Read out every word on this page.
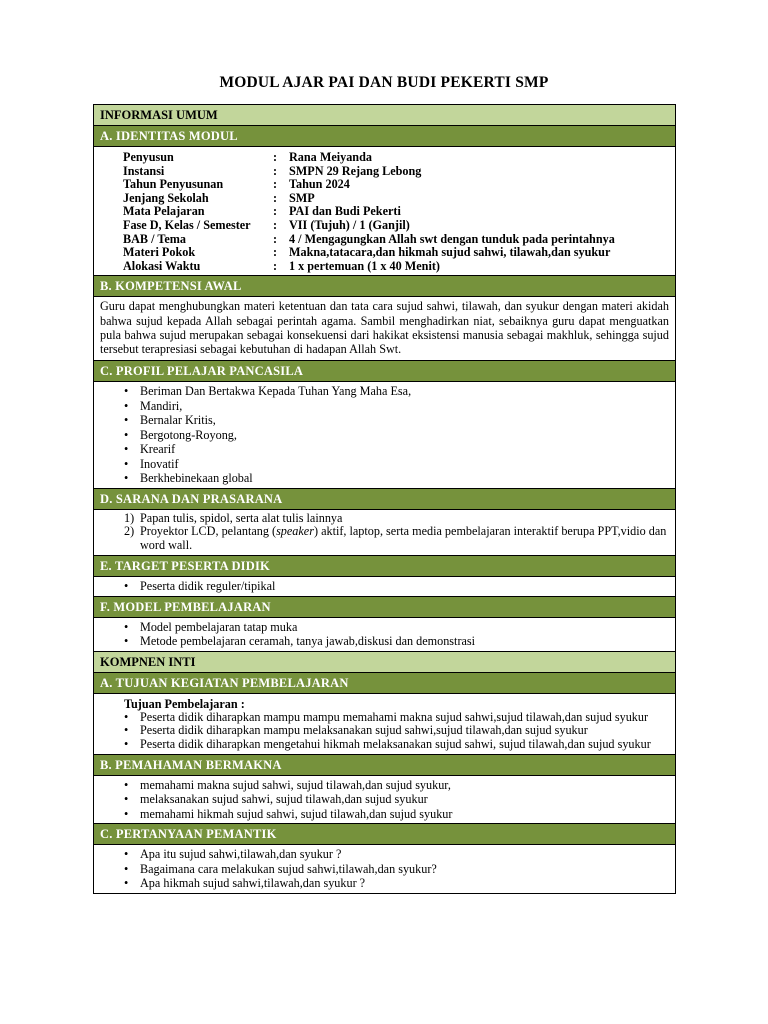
MODUL AJAR PAI DAN BUDI PEKERTI SMP
INFORMASI UMUM
A. IDENTITAS MODUL
Penyusun	: Rana Meiyanda
Instansi	: SMPN 29 Rejang Lebong
Tahun Penyusunan	: Tahun 2024
Jenjang Sekolah	: SMP
Mata Pelajaran	: PAI dan Budi Pekerti
Fase D, Kelas / Semester	: VII (Tujuh) / 1 (Ganjil)
BAB / Tema	: 4 / Mengagungkan Allah swt dengan tunduk pada perintahnya
Materi Pokok	: Makna,tatacara,dan hikmah sujud sahwi, tilawah,dan syukur
Alokasi Waktu	: 1 x pertemuan (1 x 40 Menit)
B. KOMPETENSI AWAL
Guru dapat menghubungkan materi ketentuan dan tata cara sujud sahwi, tilawah, dan syukur dengan materi akidah bahwa sujud kepada Allah sebagai perintah agama. Sambil menghadirkan niat, sebaiknya guru dapat menguatkan pula bahwa sujud merupakan sebagai konsekuensi dari hakikat eksistensi manusia sebagai makhluk, sehingga sujud tersebut terapresiasi sebagai kebutuhan di hadapan Allah Swt.
C. PROFIL PELAJAR PANCASILA
• Beriman Dan Bertakwa Kepada Tuhan Yang Maha Esa,
• Mandiri,
• Bernalar Kritis,
• Bergotong-Royong,
• Krearif
• Inovatif
• Berkhebinekaan global
D. SARANA DAN PRASARANA
1) Papan tulis, spidol, serta alat tulis lainnya
2) Proyektor LCD, pelantang (speaker) aktif, laptop, serta media pembelajaran interaktif berupa PPT,vidio dan word wall.
E. TARGET PESERTA DIDIK
• Peserta didik reguler/tipikal
F. MODEL PEMBELAJARAN
• Model pembelajaran tatap muka
• Metode pembelajaran ceramah, tanya jawab,diskusi dan demonstrasi
KOMPNEN INTI
A. TUJUAN KEGIATAN PEMBELAJARAN
Tujuan Pembelajaran :
• Peserta didik diharapkan mampu mampu memahami makna sujud sahwi,sujud tilawah,dan sujud syukur
• Peserta didik diharapkan mampu melaksanakan sujud sahwi,sujud tilawah,dan sujud syukur
• Peserta didik diharapkan mengetahui hikmah melaksanakan sujud sahwi, sujud tilawah,dan sujud syukur
B. PEMAHAMAN BERMAKNA
• memahami makna sujud sahwi, sujud tilawah,dan sujud syukur,
• melaksanakan sujud sahwi, sujud tilawah,dan sujud syukur
• memahami hikmah sujud sahwi, sujud tilawah,dan sujud syukur
C. PERTANYAAN PEMANTIK
• Apa itu sujud sahwi,tilawah,dan syukur ?
• Bagaimana cara melakukan sujud sahwi,tilawah,dan syukur?
• Apa hikmah sujud sahwi,tilawah,dan syukur ?
